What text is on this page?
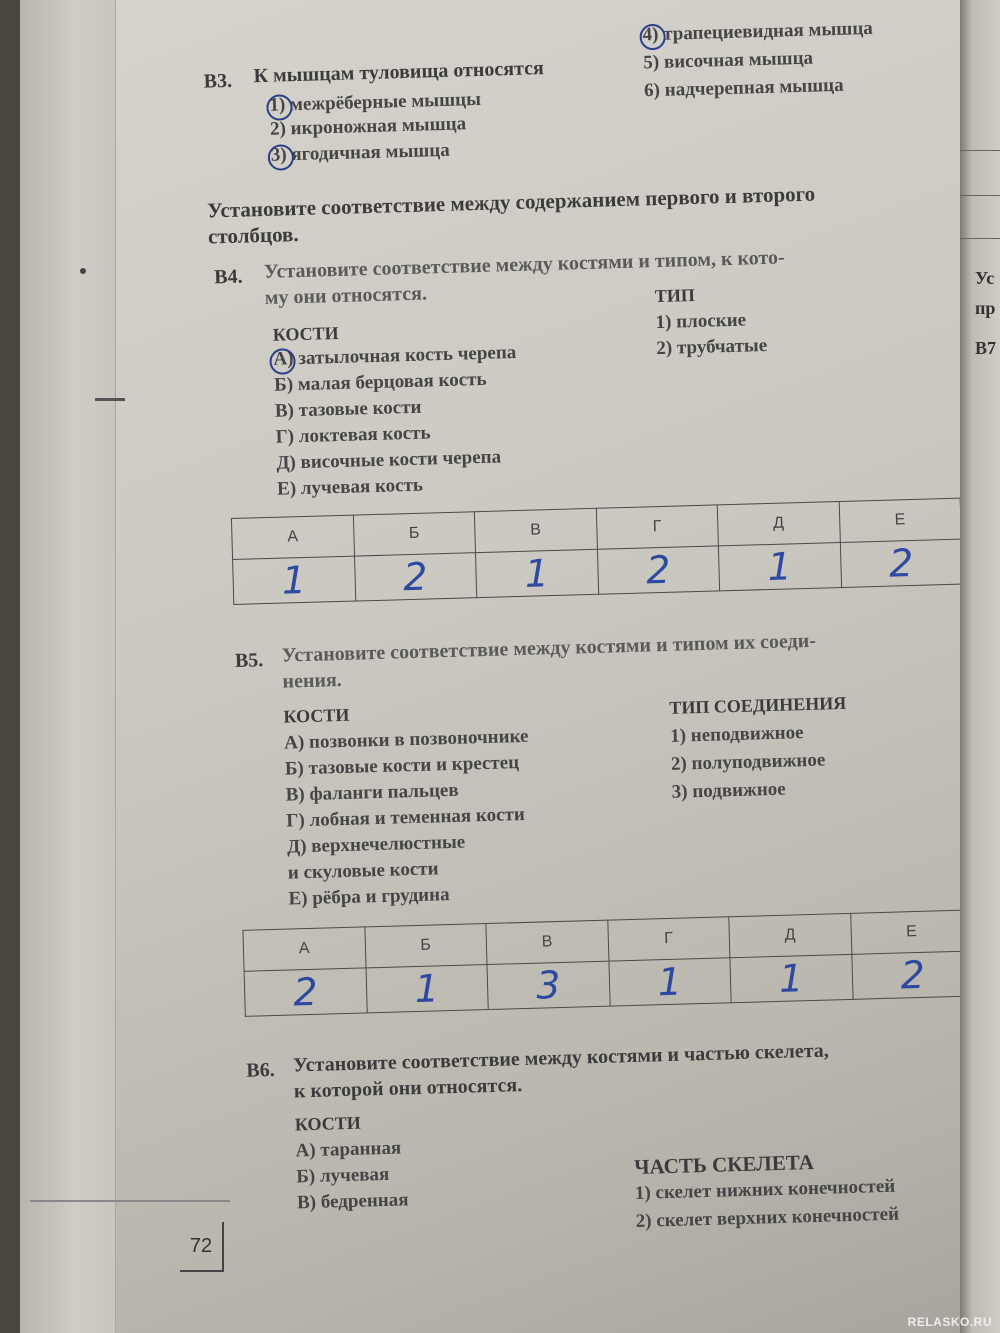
В3. К мышцам туловища относятся
1) межрёберные мышцы
2) икроножная мышца
3) ягодичная мышца
4) трапециевидная мышца
5) височная мышца
6) надчерепная мышца
Установите соответствие между содержанием первого и второго
столбцов.
В4. Установите соответствие между костями и типом, к кото-
му они относятся.
КОСТИ
А) затылочная кость черепа
Б) малая берцовая кость
В) тазовые кости
Г) локтевая кость
Д) височные кости черепа
Е) лучевая кость
ТИП
1) плоские
2) трубчатые
А	Б	В	Г	Д	Е
1	2	1	2	1	2
В5. Установите соответствие между костями и типом их соеди-
нения.
КОСТИ
А) позвонки в позвоночнике
Б) тазовые кости и крестец
В) фаланги пальцев
Г) лобная и теменная кости
Д) верхнечелюстные
и скуловые кости
Е) рёбра и грудина
ТИП СОЕДИНЕНИЯ
1) неподвижное
2) полуподвижное
3) подвижное
А	Б	В	Г	Д	Е
2	1	3	1	1	2
В6. Установите соответствие между костями и частью скелета,
к которой они относятся.
КОСТИ
А) таранная
Б) лучевая
В) бедренная
ЧАСТЬ СКЕЛЕТА
1) скелет нижних конечностей
2) скелет верхних конечностей
72
Ус
пр
В7
RELASKO.RU
